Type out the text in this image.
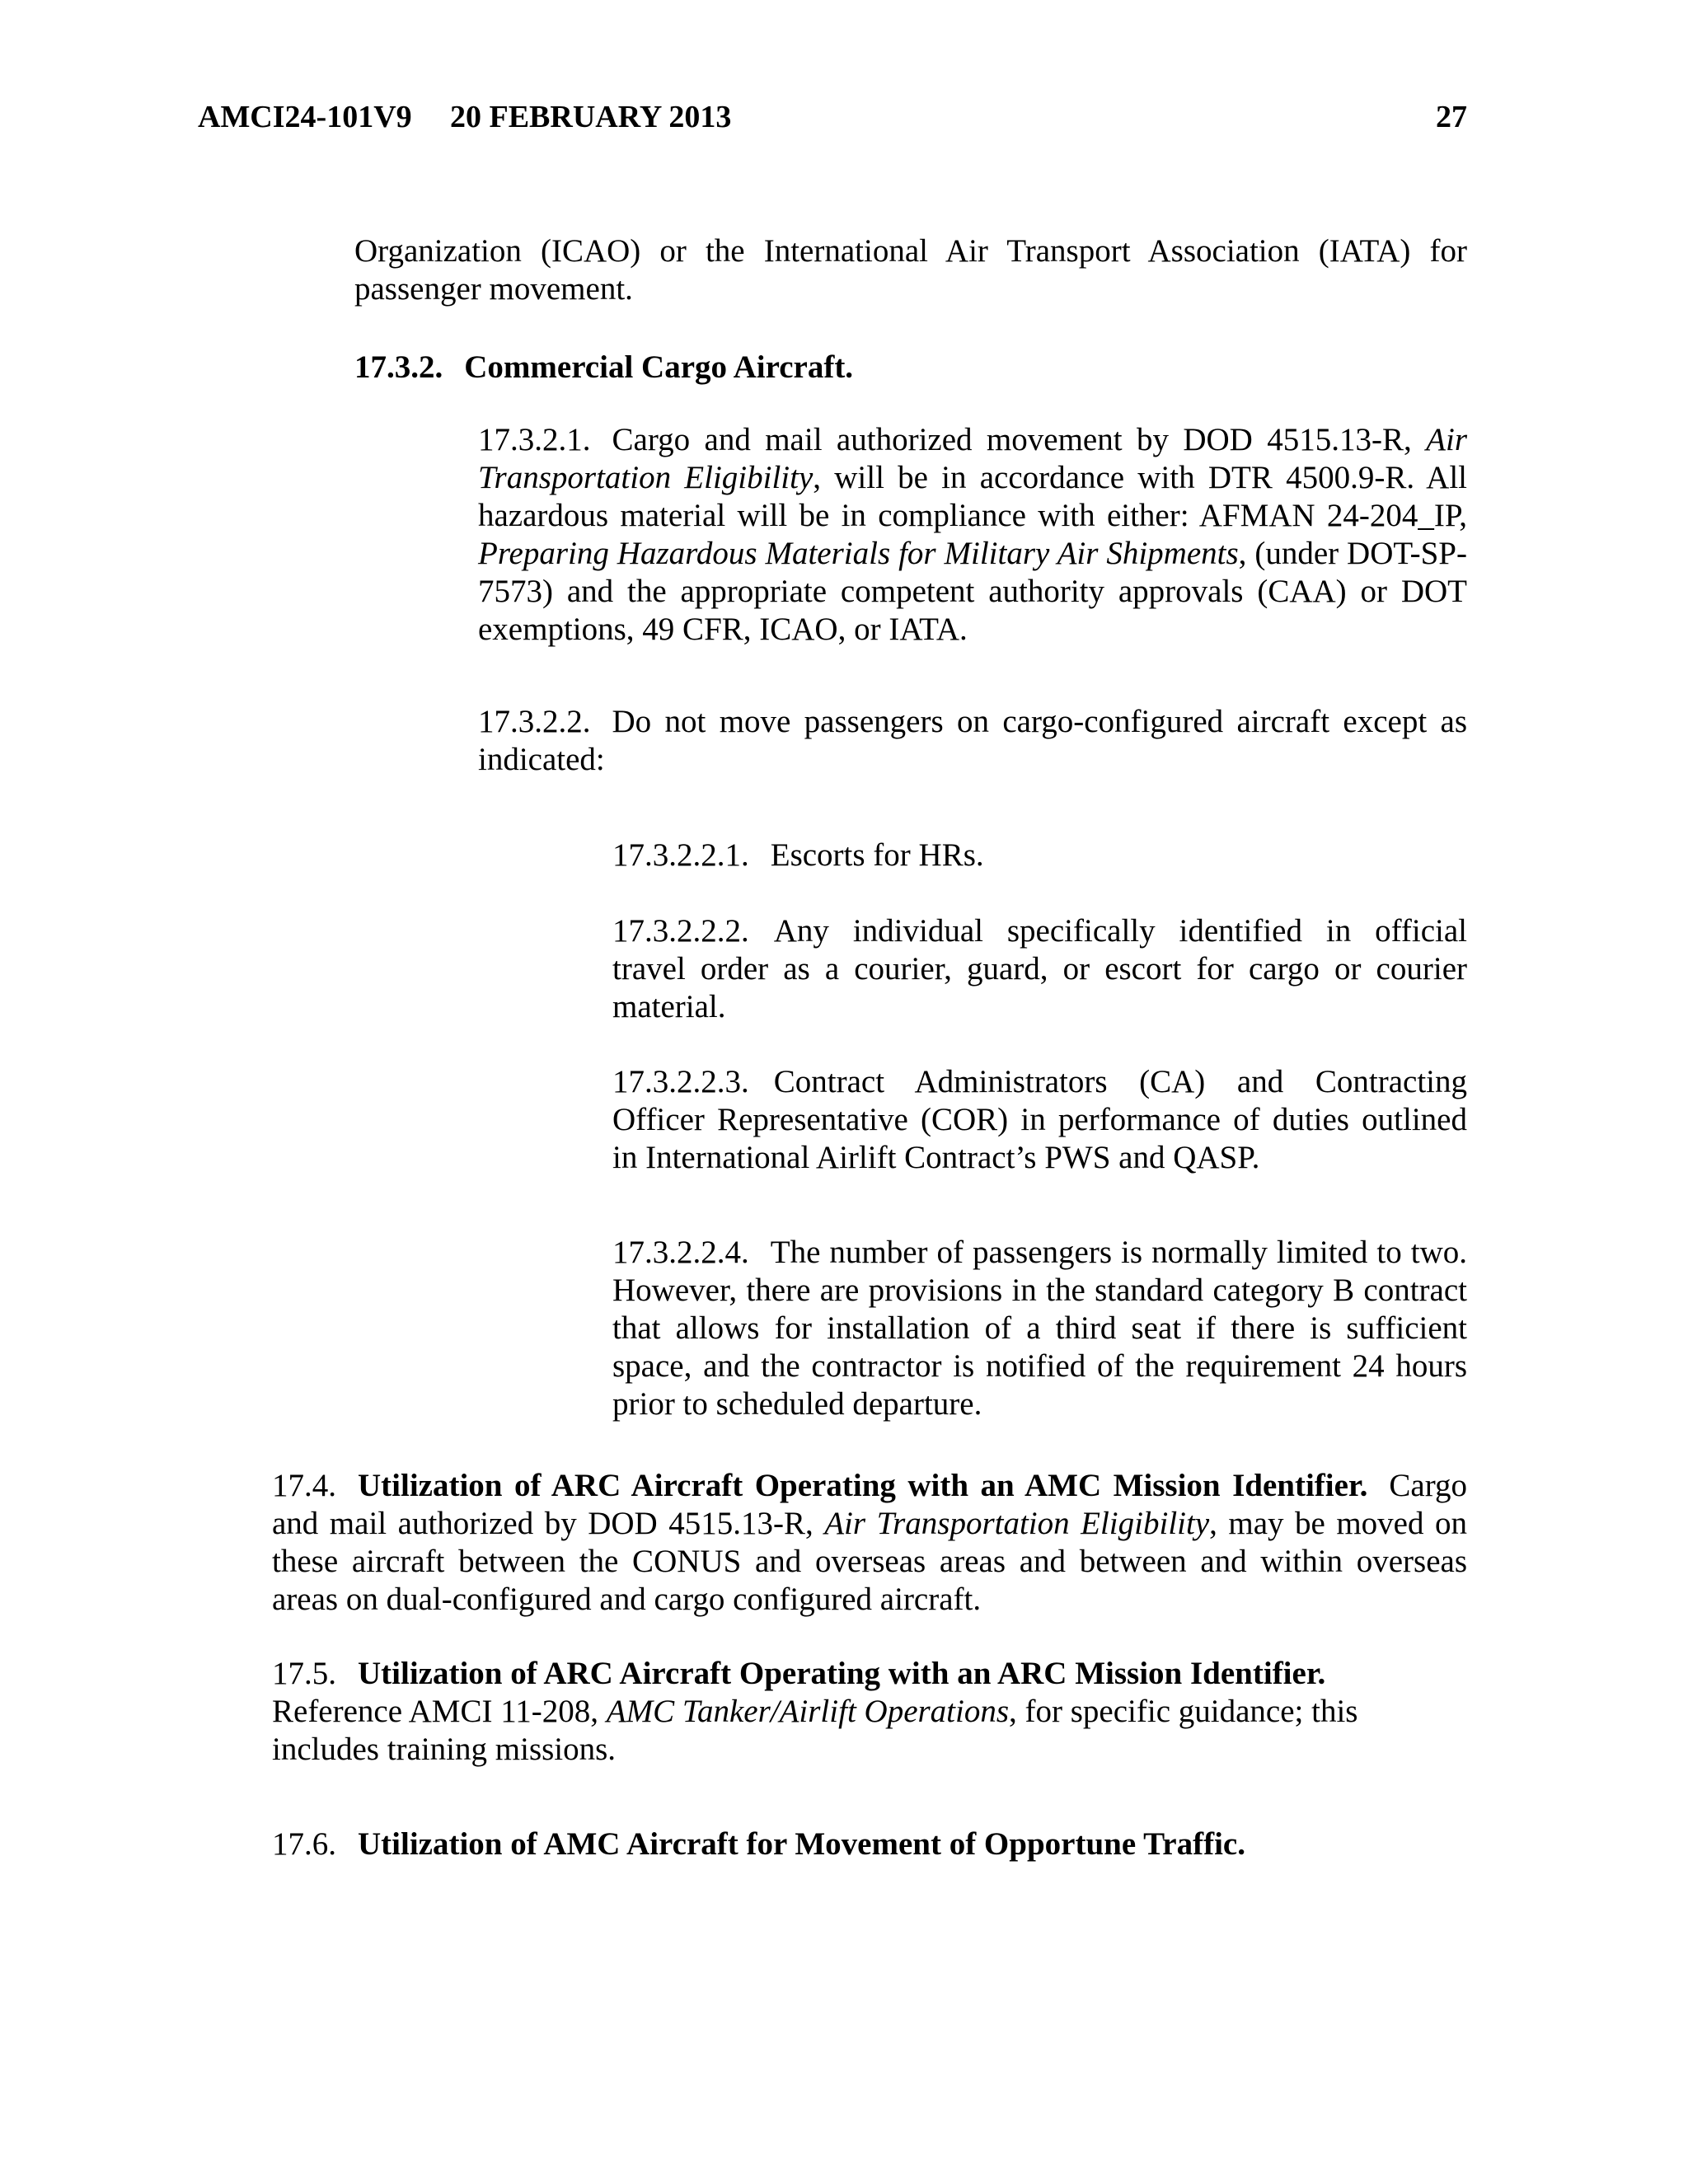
AMCI24-101V9 20 FEBRUARY 2013	27
Organization (ICAO) or the International Air Transport Association (IATA) for passenger movement.
17.3.2. Commercial Cargo Aircraft.
17.3.2.1. Cargo and mail authorized movement by DOD 4515.13-R, Air Transportation Eligibility, will be in accordance with DTR 4500.9-R. All hazardous material will be in compliance with either: AFMAN 24-204_IP, Preparing Hazardous Materials for Military Air Shipments, (under DOT-SP-7573) and the appropriate competent authority approvals (CAA) or DOT exemptions, 49 CFR, ICAO, or IATA.
17.3.2.2. Do not move passengers on cargo-configured aircraft except as indicated:
17.3.2.2.1. Escorts for HRs.
17.3.2.2.2. Any individual specifically identified in official travel order as a courier, guard, or escort for cargo or courier material.
17.3.2.2.3. Contract Administrators (CA) and Contracting Officer Representative (COR) in performance of duties outlined in International Airlift Contract’s PWS and QASP.
17.3.2.2.4. The number of passengers is normally limited to two. However, there are provisions in the standard category B contract that allows for installation of a third seat if there is sufficient space, and the contractor is notified of the requirement 24 hours prior to scheduled departure.
17.4. Utilization of ARC Aircraft Operating with an AMC Mission Identifier. Cargo and mail authorized by DOD 4515.13-R, Air Transportation Eligibility, may be moved on these aircraft between the CONUS and overseas areas and between and within overseas areas on dual-configured and cargo configured aircraft.
17.5. Utilization of ARC Aircraft Operating with an ARC Mission Identifier.
Reference AMCI 11-208, AMC Tanker/Airlift Operations, for specific guidance; this includes training missions.
17.6. Utilization of AMC Aircraft for Movement of Opportune Traffic.
